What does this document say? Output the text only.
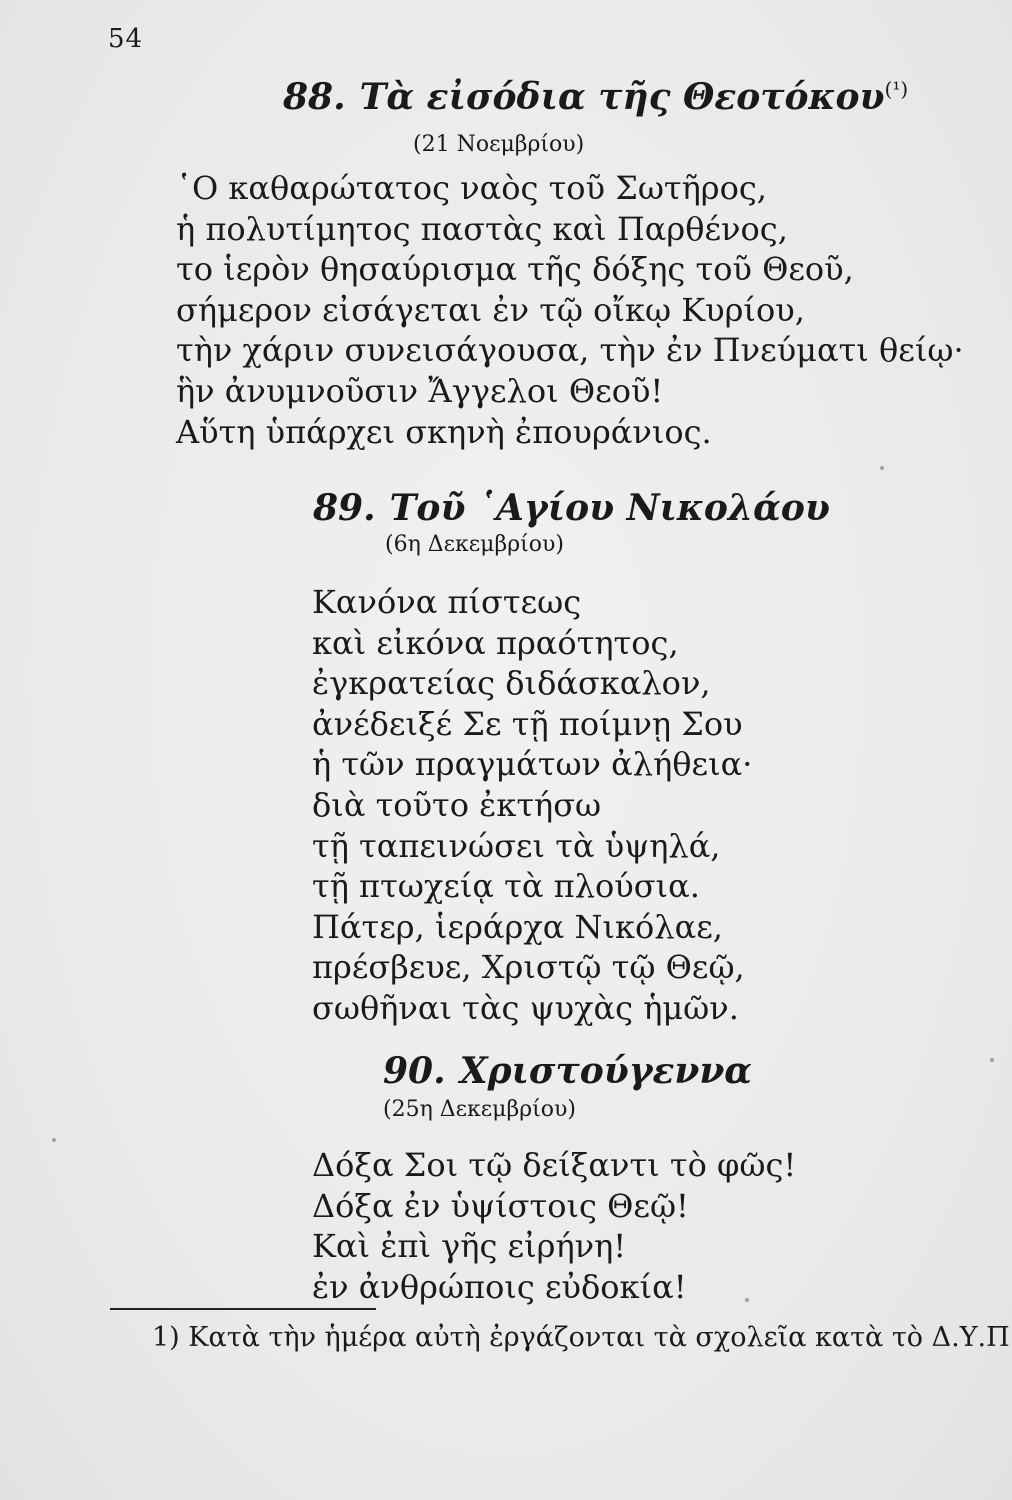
54
88. Τὰ εἰσόδια τῆς Θεοτόκου$^{(^1)}$
(21 Νοεμβρίου)
῾Ο καθαρώτατος ναὸς τοῦ Σωτῆρος,
ἡ πολυτίμητος παστὰς καὶ Παρθένος,
το ἱερὸν θησαύρισμα τῆς δόξης τοῦ Θεοῦ,
σήμερον εἰσάγεται ἐν τῷ οἴκῳ Κυρίου,
τὴν χάριν συνεισάγουσα, τὴν ἐν Πνεύματι θείῳ·
ἣν ἀνυμνοῦσιν Ἄγγελοι Θεοῦ!
Αὕτη ὑπάρχει σκηνὴ ἐπουράνιος.
89. Τοῦ ῾Αγίου Νικολάου
(6η Δεκεμβρίου)
Κανόνα πίστεως
καὶ εἰκόνα πραότητος,
ἐγκρατείας διδάσκαλον,
ἀνέδειξέ Σε τῇ ποίμνῃ Σου
ἡ τῶν πραγμάτων ἀλήθεια·
διὰ τοῦτο ἐκτήσω
τῇ ταπεινώσει τὰ ὑψηλά,
τῇ πτωχείᾳ τὰ πλούσια.
Πάτερ, ἱεράρχα Νικόλαε,
πρέσβευε, Χριστῷ τῷ Θεῷ,
σωθῆναι τὰς ψυχὰς ἡμῶν.
90. Χριστούγεννα
(25η Δεκεμβρίου)
Δόξα Σοι τῷ δείξαντι τὸ φῶς!
Δόξα ἐν ὑψίστοις Θεῷ!
Καὶ ἐπὶ γῆς εἰρήνη!
ἐν ἀνθρώποις εὐδοκία!
1) Κατὰ τὴν ἡμέρα αὐτὴ ἐργάζονται τὰ σχολεῖα κατὰ τὸ Δ.Υ.Π
